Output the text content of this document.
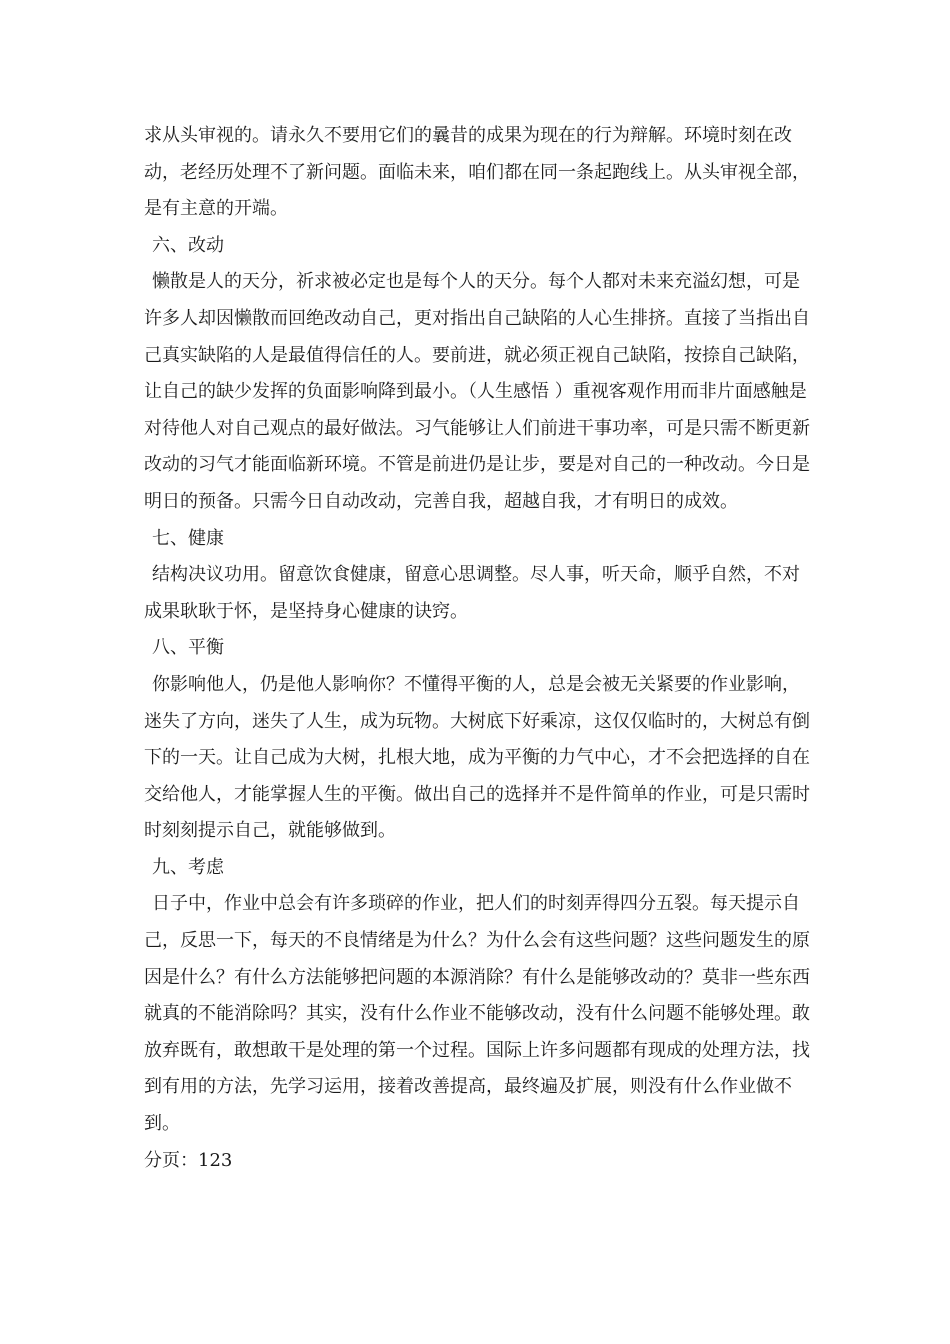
求从头审视的。请永久不要用它们的曩昔的成果为现在的行为辩解。环境时刻在改动，老经历处理不了新问题。面临未来，咱们都在同一条起跑线上。从头审视全部，是有主意的开端。

六、改动

懒散是人的天分，祈求被必定也是每个人的天分。每个人都对未来充溢幻想，可是许多人却因懒散而回绝改动自己，更对指出自己缺陷的人心生排挤。直接了当指出自己真实缺陷的人是最值得信任的人。要前进，就必须正视自己缺陷，按捺自己缺陷，让自己的缺少发挥的负面影响降到最小。（人生感悟 ）重视客观作用而非片面感触是对待他人对自己观点的最好做法。习气能够让人们前进干事功率，可是只需不断更新改动的习气才能面临新环境。不管是前进仍是让步，要是对自己的一种改动。今日是明日的预备。只需今日自动改动，完善自我，超越自我，才有明日的成效。

七、健康

结构决议功用。留意饮食健康，留意心思调整。尽人事，听天命，顺乎自然，不对成果耿耿于怀，是坚持身心健康的诀窍。

八、平衡

你影响他人，仍是他人影响你？不懂得平衡的人，总是会被无关紧要的作业影响，迷失了方向，迷失了人生，成为玩物。大树底下好乘凉，这仅仅临时的，大树总有倒下的一天。让自己成为大树，扎根大地，成为平衡的力气中心，才不会把选择的自在交给他人，才能掌握人生的平衡。做出自己的选择并不是件简单的作业，可是只需时时刻刻提示自己，就能够做到。

九、考虑

日子中，作业中总会有许多琐碎的作业，把人们的时刻弄得四分五裂。每天提示自己，反思一下，每天的不良情绪是为什么？为什么会有这些问题？这些问题发生的原因是什么？有什么方法能够把问题的本源消除？有什么是能够改动的？莫非一些东西就真的不能消除吗？其实，没有什么作业不能够改动，没有什么问题不能够处理。敢放弃既有，敢想敢干是处理的第一个过程。国际上许多问题都有现成的处理方法，找到有用的方法，先学习运用，接着改善提高，最终遍及扩展，则没有什么作业做不到。

分页：123
